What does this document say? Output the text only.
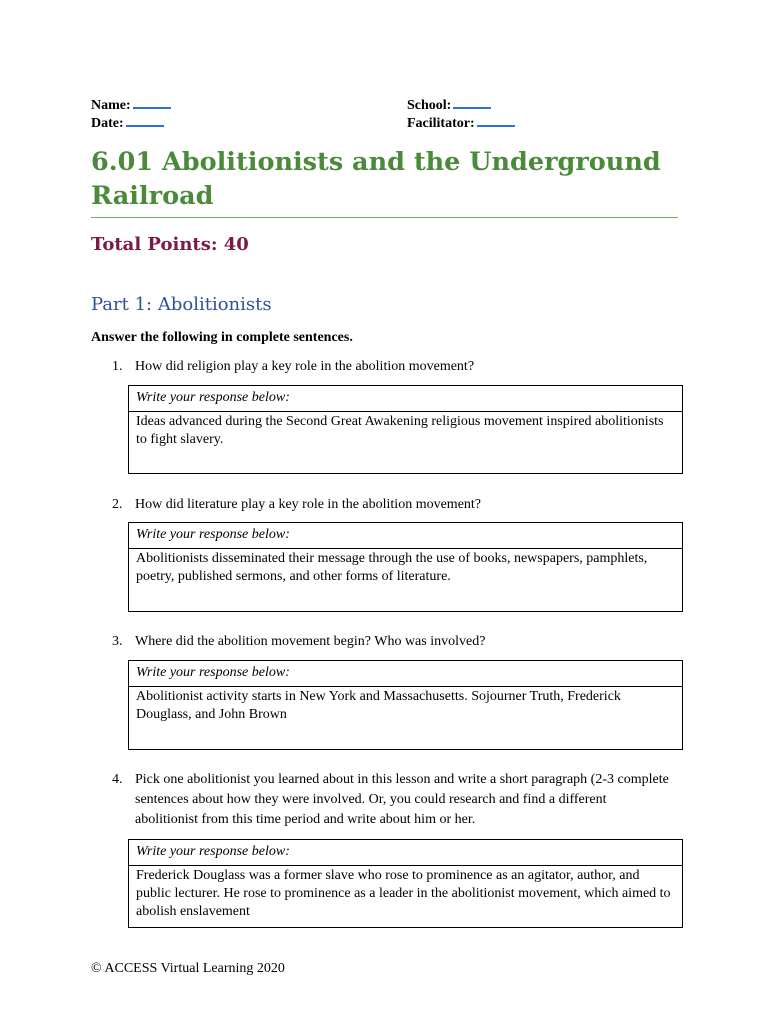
Name:
Date:
School:
Facilitator:
6.01 Abolitionists and the Underground Railroad
Total Points: 40
Part 1: Abolitionists
Answer the following in complete sentences.
1. How did religion play a key role in the abolition movement?
Write your response below:
Ideas advanced during the Second Great Awakening religious movement inspired abolitionists to fight slavery.
2. How did literature play a key role in the abolition movement?
Write your response below:
Abolitionists disseminated their message through the use of books, newspapers, pamphlets, poetry, published sermons, and other forms of literature.
3. Where did the abolition movement begin? Who was involved?
Write your response below:
Abolitionist activity starts in New York and Massachusetts. Sojourner Truth, Frederick Douglass, and John Brown
4. Pick one abolitionist you learned about in this lesson and write a short paragraph (2-3 complete sentences about how they were involved. Or, you could research and find a different abolitionist from this time period and write about him or her.
Write your response below:
Frederick Douglass was a former slave who rose to prominence as an agitator, author, and public lecturer. He rose to prominence as a leader in the abolitionist movement, which aimed to abolish enslavement
© ACCESS Virtual Learning 2020
